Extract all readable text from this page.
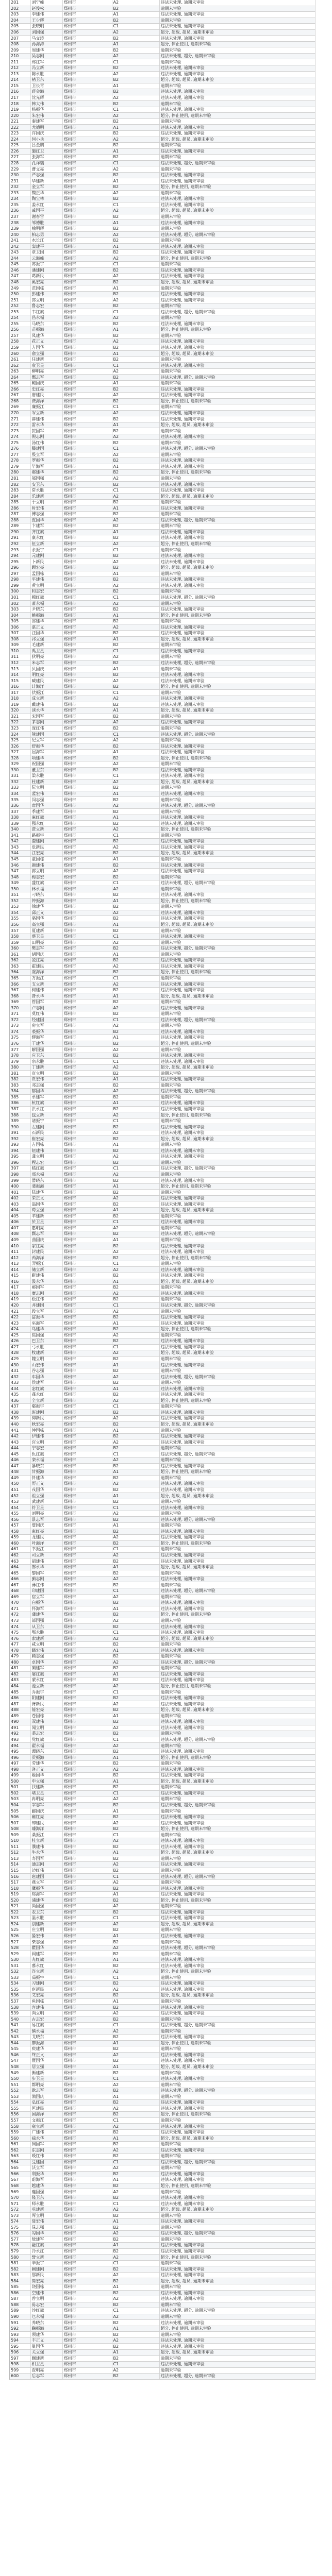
201	刘宁峰	郑州市	A2	违法未处理, 逾期未审验
202	赵俊松	郑州市	B2	逾期未审验
203	李建伟	郑州市	A1	违法未处理, 逾期未审验
204	王少辉	郑州市	B2	逾期未审验
205	张晓明	郑州市	C1	违法未处理, 逾期未审验
206	刘国强	郑州市	A2	超分, 超载, 超员, 逾期未审验
207	马文涛	郑州市	B2	违法未处理, 逾期未审验
208	孙海涛	郑州市	A1	超分, 停止使用, 逾期未审验
209	周建华	郑州市	B2	逾期未审验
210	吴志刚	郑州市	A2	违法未处理, 超分, 逾期未审验
211	郑红军	郑州市	C1	逾期未审验
212	冯立新	郑州市	B2	违法未处理, 逾期未审验
213	陈永胜	郑州市	A2	违法未处理, 逾期未审验
214	褚卫东	郑州市	B2	超分, 超载, 超员, 逾期未审验
215	卫长青	郑州市	A1	逾期未审验
216	蒋金海	郑州市	B2	违法未处理, 逾期未审验
217	沈光辉	郑州市	A2	违法未处理, 逾期未审验
218	韩大伟	郑州市	B2	逾期未审验
219	杨振华	郑州市	C1	违法未处理, 逾期未审验
220	朱宏伟	郑州市	A2	超分, 停止使用, 逾期未审验
221	秦建军	郑州市	B2	逾期未审验
222	尤德明	郑州市	A1	违法未处理, 逾期未审验
223	许国庆	郑州市	B2	违法未处理, 逾期未审验
224	何小兵	郑州市	A2	超分, 超载, 超员, 逾期未审验
225	吕金鹏	郑州市	B2	逾期未审验
226	施红卫	郑州市	A1	违法未处理, 逾期未审验
227	张海军	郑州市	B2	逾期未审验
228	孔祥瑞	郑州市	C1	违法未处理, 超分, 逾期未审验
229	曹文亮	郑州市	A2	逾期未审验
230	严志强	郑州市	B2	违法未处理, 逾期未审验
231	华建新	郑州市	A1	违法未处理, 逾期未审验
232	金立军	郑州市	B2	超分, 停止使用, 逾期未审验
233	魏正华	郑州市	A2	逾期未审验
234	陶宝林	郑州市	B2	违法未处理, 逾期未审验
235	姜永红	郑州市	C1	违法未处理, 逾期未审验
236	戚国平	郑州市	A2	超分, 超载, 超员, 逾期未审验
237	谢春雷	郑州市	B2	逾期未审验
238	邹德胜	郑州市	A1	违法未处理, 逾期未审验
239	喻明辉	郑州市	B2	逾期未审验
240	柏志勇	郑州市	A2	违法未处理, 超分, 逾期未审验
241	水长江	郑州市	B2	逾期未审验
242	窦建平	郑州市	A1	违法未处理, 逾期未审验
243	章卫国	郑州市	B2	违法未处理, 逾期未审验
244	云海峰	郑州市	A2	超分, 停止使用, 逾期未审验
245	苏振宇	郑州市	C1	逾期未审验
246	潘建刚	郑州市	B2	违法未处理, 逾期未审验
247	葛新民	郑州市	A2	违法未处理, 逾期未审验
248	奚宏亮	郑州市	B2	超分, 超载, 超员, 逾期未审验
249	范国栋	郑州市	A1	逾期未审验
250	彭建伟	郑州市	B2	违法未处理, 逾期未审验
251	郎立明	郑州市	A2	违法未处理, 逾期未审验
252	鲁志宏	郑州市	B2	逾期未审验
253	韦红旗	郑州市	C1	违法未处理, 超分, 逾期未审验
254	昌永福	郑州市	A2	逾期未审验
255	马晓东	郑州市	B2	违法未处理, 逾期未审验
256	苗振海	郑州市	A1	超分, 停止使用, 逾期未审验
257	凤建华	郑州市	B2	逾期未审验
258	花正义	郑州市	A2	违法未处理, 逾期未审验
259	方国华	郑州市	B2	违法未处理, 逾期未审验
260	俞立强	郑州市	A1	超分, 超载, 超员, 逾期未审验
261	任建新	郑州市	B2	逾期未审验
262	袁卫星	郑州市	C1	违法未处理, 逾期未审验
263	柳明亮	郑州市	A2	逾期未审验
264	酆志军	郑州市	B2	违法未处理, 超分, 逾期未审验
265	鲍国庆	郑州市	A1	逾期未审验
266	史红亮	郑州市	B2	违法未处理, 逾期未审验
267	唐建民	郑州市	A2	违法未处理, 逾期未审验
268	费海洋	郑州市	B2	超分, 停止使用, 逾期未审验
269	廉振江	郑州市	C1	逾期未审验
270	岑立新	郑州市	A2	违法未处理, 逾期未审验
271	薛建伟	郑州市	B2	违法未处理, 逾期未审验
272	雷永华	郑州市	A1	超分, 超载, 超员, 逾期未审验
273	贺国军	郑州市	B2	逾期未审验
274	倪志刚	郑州市	A2	违法未处理, 逾期未审验
275	汤红伟	郑州市	B2	逾期未审验
276	滕建国	郑州市	C1	违法未处理, 超分, 逾期未审验
277	殷立军	郑州市	A2	逾期未审验
278	罗振华	郑州市	B2	违法未处理, 逾期未审验
279	毕海军	郑州市	A1	违法未处理, 逾期未审验
280	郝建华	郑州市	B2	超分, 停止使用, 逾期未审验
281	邬国强	郑州市	A2	逾期未审验
282	安卫东	郑州市	B2	违法未处理, 逾期未审验
283	常永胜	郑州市	C1	违法未处理, 逾期未审验
284	乐建新	郑州市	A2	超分, 超载, 超员, 逾期未审验
285	于立明	郑州市	B2	逾期未审验
286	时宏伟	郑州市	A1	违法未处理, 逾期未审验
287	傅志强	郑州市	B2	逾期未审验
288	皮国华	郑州市	A2	违法未处理, 超分, 逾期未审验
289	卞建军	郑州市	B2	逾期未审验
290	齐红旗	郑州市	A1	违法未处理, 逾期未审验
291	康永红	郑州市	B2	违法未处理, 逾期未审验
292	伍立新	郑州市	A2	超分, 停止使用, 逾期未审验
293	余振宇	郑州市	C1	逾期未审验
294	元建刚	郑州市	B2	违法未处理, 逾期未审验
295	卜新民	郑州市	A2	违法未处理, 逾期未审验
296	顾宏亮	郑州市	B2	超分, 超载, 超员, 逾期未审验
297	孟国栋	郑州市	A1	逾期未审验
298	平建伟	郑州市	B2	违法未处理, 逾期未审验
299	黄立明	郑州市	A2	违法未处理, 逾期未审验
300	和志宏	郑州市	B2	逾期未审验
301	穆红旗	郑州市	C1	违法未处理, 超分, 逾期未审验
302	萧永福	郑州市	A2	逾期未审验
303	尹晓东	郑州市	B2	违法未处理, 逾期未审验
304	姚振海	郑州市	A1	超分, 停止使用, 逾期未审验
305	邵建华	郑州市	B2	逾期未审验
306	湛正义	郑州市	A2	违法未处理, 逾期未审验
307	汪国华	郑州市	B2	违法未处理, 逾期未审验
308	祁立强	郑州市	A1	超分, 超载, 超员, 逾期未审验
309	毛建新	郑州市	B2	逾期未审验
310	禹卫星	郑州市	C1	违法未处理, 逾期未审验
311	狄明亮	郑州市	A2	逾期未审验
312	米志军	郑州市	B2	违法未处理, 超分, 逾期未审验
313	贝国庆	郑州市	A1	逾期未审验
314	明红亮	郑州市	B2	违法未处理, 逾期未审验
315	臧建民	郑州市	A2	违法未处理, 逾期未审验
316	计海洋	郑州市	B2	超分, 停止使用, 逾期未审验
317	伏振江	郑州市	C1	逾期未审验
318	成立新	郑州市	A2	违法未处理, 逾期未审验
319	戴建伟	郑州市	B2	违法未处理, 逾期未审验
320	谈永华	郑州市	A1	超分, 超载, 超员, 逾期未审验
321	宋国军	郑州市	B2	逾期未审验
322	茅志刚	郑州市	A2	违法未处理, 逾期未审验
323	庞红伟	郑州市	B2	逾期未审验
324	熊建国	郑州市	C1	违法未处理, 超分, 逾期未审验
325	纪立军	郑州市	A2	逾期未审验
326	舒振华	郑州市	B2	违法未处理, 逾期未审验
327	屈海军	郑州市	A1	违法未处理, 逾期未审验
328	项建华	郑州市	B2	超分, 停止使用, 逾期未审验
329	祝国强	郑州市	A2	逾期未审验
330	董卫东	郑州市	B2	违法未处理, 逾期未审验
331	梁永胜	郑州市	C1	违法未处理, 逾期未审验
332	杜建新	郑州市	A2	超分, 超载, 超员, 逾期未审验
333	阮立明	郑州市	B2	逾期未审验
334	蓝宏伟	郑州市	A1	违法未处理, 逾期未审验
335	闵志强	郑州市	B2	逾期未审验
336	席国华	郑州市	A2	违法未处理, 超分, 逾期未审验
337	季建军	郑州市	B2	逾期未审验
338	麻红旗	郑州市	A1	违法未处理, 逾期未审验
339	强永红	郑州市	B2	违法未处理, 逾期未审验
340	贾立新	郑州市	A2	超分, 停止使用, 逾期未审验
341	路振宇	郑州市	C1	逾期未审验
342	娄建刚	郑州市	B2	违法未处理, 逾期未审验
343	危新民	郑州市	A2	违法未处理, 逾期未审验
344	江宏亮	郑州市	B2	超分, 超载, 超员, 逾期未审验
345	童国栋	郑州市	A1	逾期未审验
346	颜建伟	郑州市	B2	违法未处理, 逾期未审验
347	郭立明	郑州市	A2	违法未处理, 逾期未审验
348	梅志宏	郑州市	B2	逾期未审验
349	盛红旗	郑州市	C1	违法未处理, 超分, 逾期未审验
350	林永福	郑州市	A2	逾期未审验
351	刁晓东	郑州市	B2	违法未处理, 逾期未审验
352	钟振海	郑州市	A1	超分, 停止使用, 逾期未审验
353	徐建华	郑州市	B2	逾期未审验
354	邱正义	郑州市	A2	违法未处理, 逾期未审验
355	骆国华	郑州市	B2	违法未处理, 逾期未审验
356	高立强	郑州市	A1	超分, 超载, 超员, 逾期未审验
357	夏建新	郑州市	B2	逾期未审验
358	蔡卫星	郑州市	C1	违法未处理, 逾期未审验
359	田明亮	郑州市	A2	逾期未审验
360	樊志军	郑州市	B2	违法未处理, 超分, 逾期未审验
361	胡国庆	郑州市	A1	逾期未审验
362	凌红亮	郑州市	B2	违法未处理, 逾期未审验
363	霍建民	郑州市	A2	违法未处理, 逾期未审验
364	虞海洋	郑州市	B2	超分, 停止使用, 逾期未审验
365	万振江	郑州市	C1	逾期未审验
366	支立新	郑州市	A2	违法未处理, 逾期未审验
367	柯建伟	郑州市	B2	违法未处理, 逾期未审验
368	昝永华	郑州市	A1	超分, 超载, 超员, 逾期未审验
369	管国军	郑州市	B2	逾期未审验
370	卢志刚	郑州市	A2	违法未处理, 逾期未审验
371	莫红伟	郑州市	B2	逾期未审验
372	经建国	郑州市	C1	违法未处理, 超分, 逾期未审验
373	房立军	郑州市	A2	逾期未审验
374	裘振华	郑州市	B2	违法未处理, 逾期未审验
375	缪海军	郑州市	A1	违法未处理, 逾期未审验
376	干建华	郑州市	B2	超分, 停止使用, 逾期未审验
377	解国强	郑州市	A2	逾期未审验
378	应卫东	郑州市	B2	违法未处理, 逾期未审验
379	宗永胜	郑州市	C1	违法未处理, 逾期未审验
380	丁建新	郑州市	A2	超分, 超载, 超员, 逾期未审验
381	宣立明	郑州市	B2	逾期未审验
382	贲宏伟	郑州市	A1	违法未处理, 逾期未审验
383	邓志强	郑州市	B2	逾期未审验
384	郁国华	郑州市	A2	违法未处理, 超分, 逾期未审验
385	单建军	郑州市	B2	逾期未审验
386	杭红旗	郑州市	A1	违法未处理, 逾期未审验
387	洪永红	郑州市	B2	违法未处理, 逾期未审验
388	包立新	郑州市	A2	超分, 停止使用, 逾期未审验
389	诸振宇	郑州市	C1	逾期未审验
390	左建刚	郑州市	B2	违法未处理, 逾期未审验
391	石新民	郑州市	A2	违法未处理, 逾期未审验
392	崔宏亮	郑州市	B2	超分, 超载, 超员, 逾期未审验
393	吉国栋	郑州市	A1	逾期未审验
394	钮建伟	郑州市	B2	违法未处理, 逾期未审验
395	龚立明	郑州市	A2	违法未处理, 逾期未审验
396	程志宏	郑州市	B2	逾期未审验
397	嵇红旗	郑州市	C1	违法未处理, 超分, 逾期未审验
398	邢永福	郑州市	A2	逾期未审验
399	滑晓东	郑州市	B2	违法未处理, 逾期未审验
400	裴振海	郑州市	A1	超分, 停止使用, 逾期未审验
401	陆建华	郑州市	B2	逾期未审验
402	荣正义	郑州市	A2	违法未处理, 逾期未审验
403	翁国华	郑州市	B2	违法未处理, 逾期未审验
404	荀立强	郑州市	A1	超分, 超载, 超员, 逾期未审验
405	羊建新	郑州市	B2	逾期未审验
406	於卫星	郑州市	C1	违法未处理, 逾期未审验
407	惠明亮	郑州市	A2	逾期未审验
408	甄志军	郑州市	B2	违法未处理, 超分, 逾期未审验
409	曲国庆	郑州市	A1	逾期未审验
410	家红亮	郑州市	B2	违法未处理, 逾期未审验
411	封建民	郑州市	A2	违法未处理, 逾期未审验
412	芮海洋	郑州市	B2	超分, 停止使用, 逾期未审验
413	羿振江	郑州市	C1	逾期未审验
414	储立新	郑州市	A2	违法未处理, 逾期未审验
415	靳建伟	郑州市	B2	违法未处理, 逾期未审验
416	汲永华	郑州市	A1	超分, 超载, 超员, 逾期未审验
417	邴国军	郑州市	B2	逾期未审验
418	糜志刚	郑州市	A2	违法未处理, 逾期未审验
419	松红伟	郑州市	B2	逾期未审验
420	井建国	郑州市	C1	违法未处理, 超分, 逾期未审验
421	段立军	郑州市	A2	逾期未审验
422	富振华	郑州市	B2	违法未处理, 逾期未审验
423	巫海军	郑州市	A1	违法未处理, 逾期未审验
424	乌建华	郑州市	B2	超分, 停止使用, 逾期未审验
425	焦国强	郑州市	A2	逾期未审验
426	巴卫东	郑州市	B2	违法未处理, 逾期未审验
427	弓永胜	郑州市	C1	违法未处理, 逾期未审验
428	牧建新	郑州市	A2	超分, 超载, 超员, 逾期未审验
429	隗立明	郑州市	B2	逾期未审验
430	山宏伟	郑州市	A1	违法未处理, 逾期未审验
431	谷志强	郑州市	B2	逾期未审验
432	车国华	郑州市	A2	违法未处理, 超分, 逾期未审验
433	侯建军	郑州市	B2	逾期未审验
434	宓红旗	郑州市	A1	违法未处理, 逾期未审验
435	蓬永红	郑州市	B2	违法未处理, 逾期未审验
436	全立新	郑州市	A2	超分, 停止使用, 逾期未审验
437	郗振宇	郑州市	C1	逾期未审验
438	班建刚	郑州市	B2	违法未处理, 逾期未审验
439	仰新民	郑州市	A2	违法未处理, 逾期未审验
440	秋宏亮	郑州市	B2	超分, 超载, 超员, 逾期未审验
441	仲国栋	郑州市	A1	逾期未审验
442	伊建伟	郑州市	B2	违法未处理, 逾期未审验
443	宫立明	郑州市	A2	违法未处理, 逾期未审验
444	宁志宏	郑州市	B2	逾期未审验
445	仇红旗	郑州市	C1	违法未处理, 超分, 逾期未审验
446	栾永福	郑州市	A2	逾期未审验
447	暴晓东	郑州市	B2	违法未处理, 逾期未审验
448	甘振海	郑州市	A1	超分, 停止使用, 逾期未审验
449	钭建华	郑州市	B2	逾期未审验
450	厉正义	郑州市	A2	违法未处理, 逾期未审验
451	戎国华	郑州市	B2	违法未处理, 逾期未审验
452	祖立强	郑州市	A1	超分, 超载, 超员, 逾期未审验
453	武建新	郑州市	B2	逾期未审验
454	符卫星	郑州市	C1	违法未处理, 逾期未审验
455	刘明亮	郑州市	A2	逾期未审验
456	景志军	郑州市	B2	违法未处理, 超分, 逾期未审验
457	詹国庆	郑州市	A1	逾期未审验
458	束红亮	郑州市	B2	违法未处理, 逾期未审验
459	龙建民	郑州市	A2	违法未处理, 逾期未审验
460	叶海洋	郑州市	B2	超分, 停止使用, 逾期未审验
461	幸振江	郑州市	C1	逾期未审验
462	司立新	郑州市	A2	违法未处理, 逾期未审验
463	韶建伟	郑州市	B2	违法未处理, 逾期未审验
464	郜永华	郑州市	A1	超分, 超载, 超员, 逾期未审验
465	黎国军	郑州市	B2	逾期未审验
466	蓟志刚	郑州市	A2	违法未处理, 逾期未审验
467	薄红伟	郑州市	B2	逾期未审验
468	印建国	郑州市	C1	违法未处理, 超分, 逾期未审验
469	宿立军	郑州市	A2	逾期未审验
470	白振华	郑州市	B2	违法未处理, 逾期未审验
471	怀海军	郑州市	A1	违法未处理, 逾期未审验
472	蒲建华	郑州市	B2	超分, 停止使用, 逾期未审验
473	邰国强	郑州市	A2	逾期未审验
474	从卫东	郑州市	B2	违法未处理, 逾期未审验
475	鄂永胜	郑州市	C1	违法未处理, 逾期未审验
476	索建新	郑州市	A2	超分, 超载, 超员, 逾期未审验
477	咸立明	郑州市	B2	逾期未审验
478	籍宏伟	郑州市	A1	违法未处理, 逾期未审验
479	赖志强	郑州市	B2	逾期未审验
480	卓国华	郑州市	A2	违法未处理, 超分, 逾期未审验
481	蔺建军	郑州市	B2	逾期未审验
482	屠红旗	郑州市	A1	违法未处理, 逾期未审验
483	蒙永红	郑州市	B2	违法未处理, 逾期未审验
484	池立新	郑州市	A2	超分, 停止使用, 逾期未审验
485	乔振宇	郑州市	C1	逾期未审验
486	阴建刚	郑州市	B2	违法未处理, 逾期未审验
487	胥新民	郑州市	A2	违法未处理, 逾期未审验
488	能宏亮	郑州市	B2	超分, 超载, 超员, 逾期未审验
489	苍国栋	郑州市	A1	逾期未审验
490	双建伟	郑州市	B2	违法未处理, 逾期未审验
491	闻立明	郑州市	A2	违法未处理, 逾期未审验
492	莘志宏	郑州市	B2	逾期未审验
493	党红旗	郑州市	C1	违法未处理, 超分, 逾期未审验
494	翟永福	郑州市	A2	逾期未审验
495	谭晓东	郑州市	B2	违法未处理, 逾期未审验
496	贡振海	郑州市	A1	超分, 停止使用, 逾期未审验
497	劳建华	郑州市	B2	逾期未审验
498	逄正义	郑州市	A2	违法未处理, 逾期未审验
499	姬国华	郑州市	B2	违法未处理, 逾期未审验
500	申立强	郑州市	A1	超分, 超载, 超员, 逾期未审验
501	扶建新	郑州市	B2	逾期未审验
502	堵卫星	郑州市	C1	违法未处理, 逾期未审验
503	冉明亮	郑州市	A2	逾期未审验
504	宰志军	郑州市	B2	违法未处理, 超分, 逾期未审验
505	郦国庆	郑州市	A1	逾期未审验
506	雍红亮	郑州市	B2	违法未处理, 逾期未审验
507	却建民	郑州市	A2	违法未处理, 逾期未审验
508	璩海洋	郑州市	B2	超分, 停止使用, 逾期未审验
509	桑振江	郑州市	C1	逾期未审验
510	桂立新	郑州市	A2	违法未处理, 逾期未审验
511	濮建伟	郑州市	B2	违法未处理, 逾期未审验
512	牛永华	郑州市	A1	超分, 超载, 超员, 逾期未审验
513	寿国军	郑州市	B2	逾期未审验
514	通志刚	郑州市	A2	违法未处理, 逾期未审验
515	边红伟	郑州市	B2	逾期未审验
516	扈建国	郑州市	C1	违法未处理, 超分, 逾期未审验
517	燕立军	郑州市	A2	逾期未审验
518	冀振华	郑州市	B2	违法未处理, 逾期未审验
519	郏海军	郑州市	A1	违法未处理, 逾期未审验
520	浦建华	郑州市	B2	超分, 停止使用, 逾期未审验
521	尚国强	郑州市	A2	逾期未审验
522	农卫东	郑州市	B2	违法未处理, 逾期未审验
523	温永胜	郑州市	C1	违法未处理, 逾期未审验
524	别建新	郑州市	A2	超分, 超载, 超员, 逾期未审验
525	庄立明	郑州市	B2	逾期未审验
526	晏宏伟	郑州市	A1	违法未处理, 逾期未审验
527	柴志强	郑州市	B2	逾期未审验
528	瞿国华	郑州市	A2	违法未处理, 超分, 逾期未审验
529	阎建军	郑州市	B2	逾期未审验
530	充红旗	郑州市	A1	违法未处理, 逾期未审验
531	慕永红	郑州市	B2	违法未处理, 逾期未审验
532	连立新	郑州市	A2	超分, 停止使用, 逾期未审验
533	茹振宇	郑州市	C1	逾期未审验
534	习建刚	郑州市	B2	违法未处理, 逾期未审验
535	宦新民	郑州市	A2	违法未处理, 逾期未审验
536	艾宏亮	郑州市	B2	超分, 超载, 超员, 逾期未审验
537	鱼国栋	郑州市	A1	逾期未审验
538	容建伟	郑州市	B2	违法未处理, 逾期未审验
539	向立明	郑州市	A2	违法未处理, 逾期未审验
540	古志宏	郑州市	B2	逾期未审验
541	易红旗	郑州市	C1	违法未处理, 超分, 逾期未审验
542	慎永福	郑州市	A2	逾期未审验
543	戈晓东	郑州市	B2	违法未处理, 逾期未审验
544	廖振海	郑州市	A1	超分, 停止使用, 逾期未审验
545	庾建华	郑州市	B2	逾期未审验
546	终正义	郑州市	A2	违法未处理, 逾期未审验
547	暨国华	郑州市	B2	违法未处理, 逾期未审验
548	居立强	郑州市	A1	超分, 超载, 超员, 逾期未审验
549	衡建新	郑州市	B2	逾期未审验
550	步卫星	郑州市	C1	违法未处理, 逾期未审验
551	都明亮	郑州市	A2	逾期未审验
552	耿志军	郑州市	B2	违法未处理, 超分, 逾期未审验
553	满国庆	郑州市	A1	逾期未审验
554	弘红亮	郑州市	B2	违法未处理, 逾期未审验
555	匡建民	郑州市	A2	违法未处理, 逾期未审验
556	国海洋	郑州市	B2	超分, 停止使用, 逾期未审验
557	文振江	郑州市	C1	逾期未审验
558	寇立新	郑州市	A2	违法未处理, 逾期未审验
559	广建伟	郑州市	B2	违法未处理, 逾期未审验
560	禄永华	郑州市	A1	超分, 超载, 超员, 逾期未审验
561	阙国军	郑州市	B2	逾期未审验
562	东志刚	郑州市	A2	违法未处理, 逾期未审验
563	殴红伟	郑州市	B2	逾期未审验
564	殳建国	郑州市	C1	违法未处理, 超分, 逾期未审验
565	沃立军	郑州市	A2	逾期未审验
566	利振华	郑州市	B2	违法未处理, 逾期未审验
567	蔚海军	郑州市	A1	违法未处理, 逾期未审验
568	越建华	郑州市	B2	超分, 停止使用, 逾期未审验
569	夔国强	郑州市	A2	逾期未审验
570	隆卫东	郑州市	B2	违法未处理, 逾期未审验
571	师永胜	郑州市	C1	违法未处理, 逾期未审验
572	巩建新	郑州市	A2	超分, 超载, 超员, 逾期未审验
573	厍立明	郑州市	B2	逾期未审验
574	聂宏伟	郑州市	A1	违法未处理, 逾期未审验
575	晁志强	郑州市	B2	逾期未审验
576	勾国华	郑州市	A2	违法未处理, 超分, 逾期未审验
577	敖建军	郑州市	B2	逾期未审验
578	融红旗	郑州市	A1	违法未处理, 逾期未审验
579	冷永红	郑州市	B2	违法未处理, 逾期未审验
580	訾立新	郑州市	A2	超分, 停止使用, 逾期未审验
581	辛振宇	郑州市	C1	逾期未审验
582	阚建刚	郑州市	B2	违法未处理, 逾期未审验
583	那新民	郑州市	A2	违法未处理, 逾期未审验
584	简宏亮	郑州市	B2	超分, 超载, 超员, 逾期未审验
585	饶国栋	郑州市	A1	逾期未审验
586	空建伟	郑州市	B2	违法未处理, 逾期未审验
587	曾立明	郑州市	A2	违法未处理, 逾期未审验
588	毋志宏	郑州市	B2	逾期未审验
589	沙红旗	郑州市	C1	违法未处理, 超分, 逾期未审验
590	乜永福	郑州市	A2	逾期未审验
591	养晓东	郑州市	B2	违法未处理, 逾期未审验
592	鞠振海	郑州市	A1	超分, 停止使用, 逾期未审验
593	须建华	郑州市	B2	逾期未审验
594	丰正义	郑州市	A2	违法未处理, 逾期未审验
595	巢国华	郑州市	B2	违法未处理, 逾期未审验
596	关立强	郑州市	A1	超分, 超载, 超员, 逾期未审验
597	蒯建新	郑州市	B2	逾期未审验
598	相卫星	郑州市	C1	违法未处理, 逾期未审验
599	查明亮	郑州市	A2	逾期未审验
600	后志军	郑州市	B2	违法未处理, 超分, 逾期未审验
